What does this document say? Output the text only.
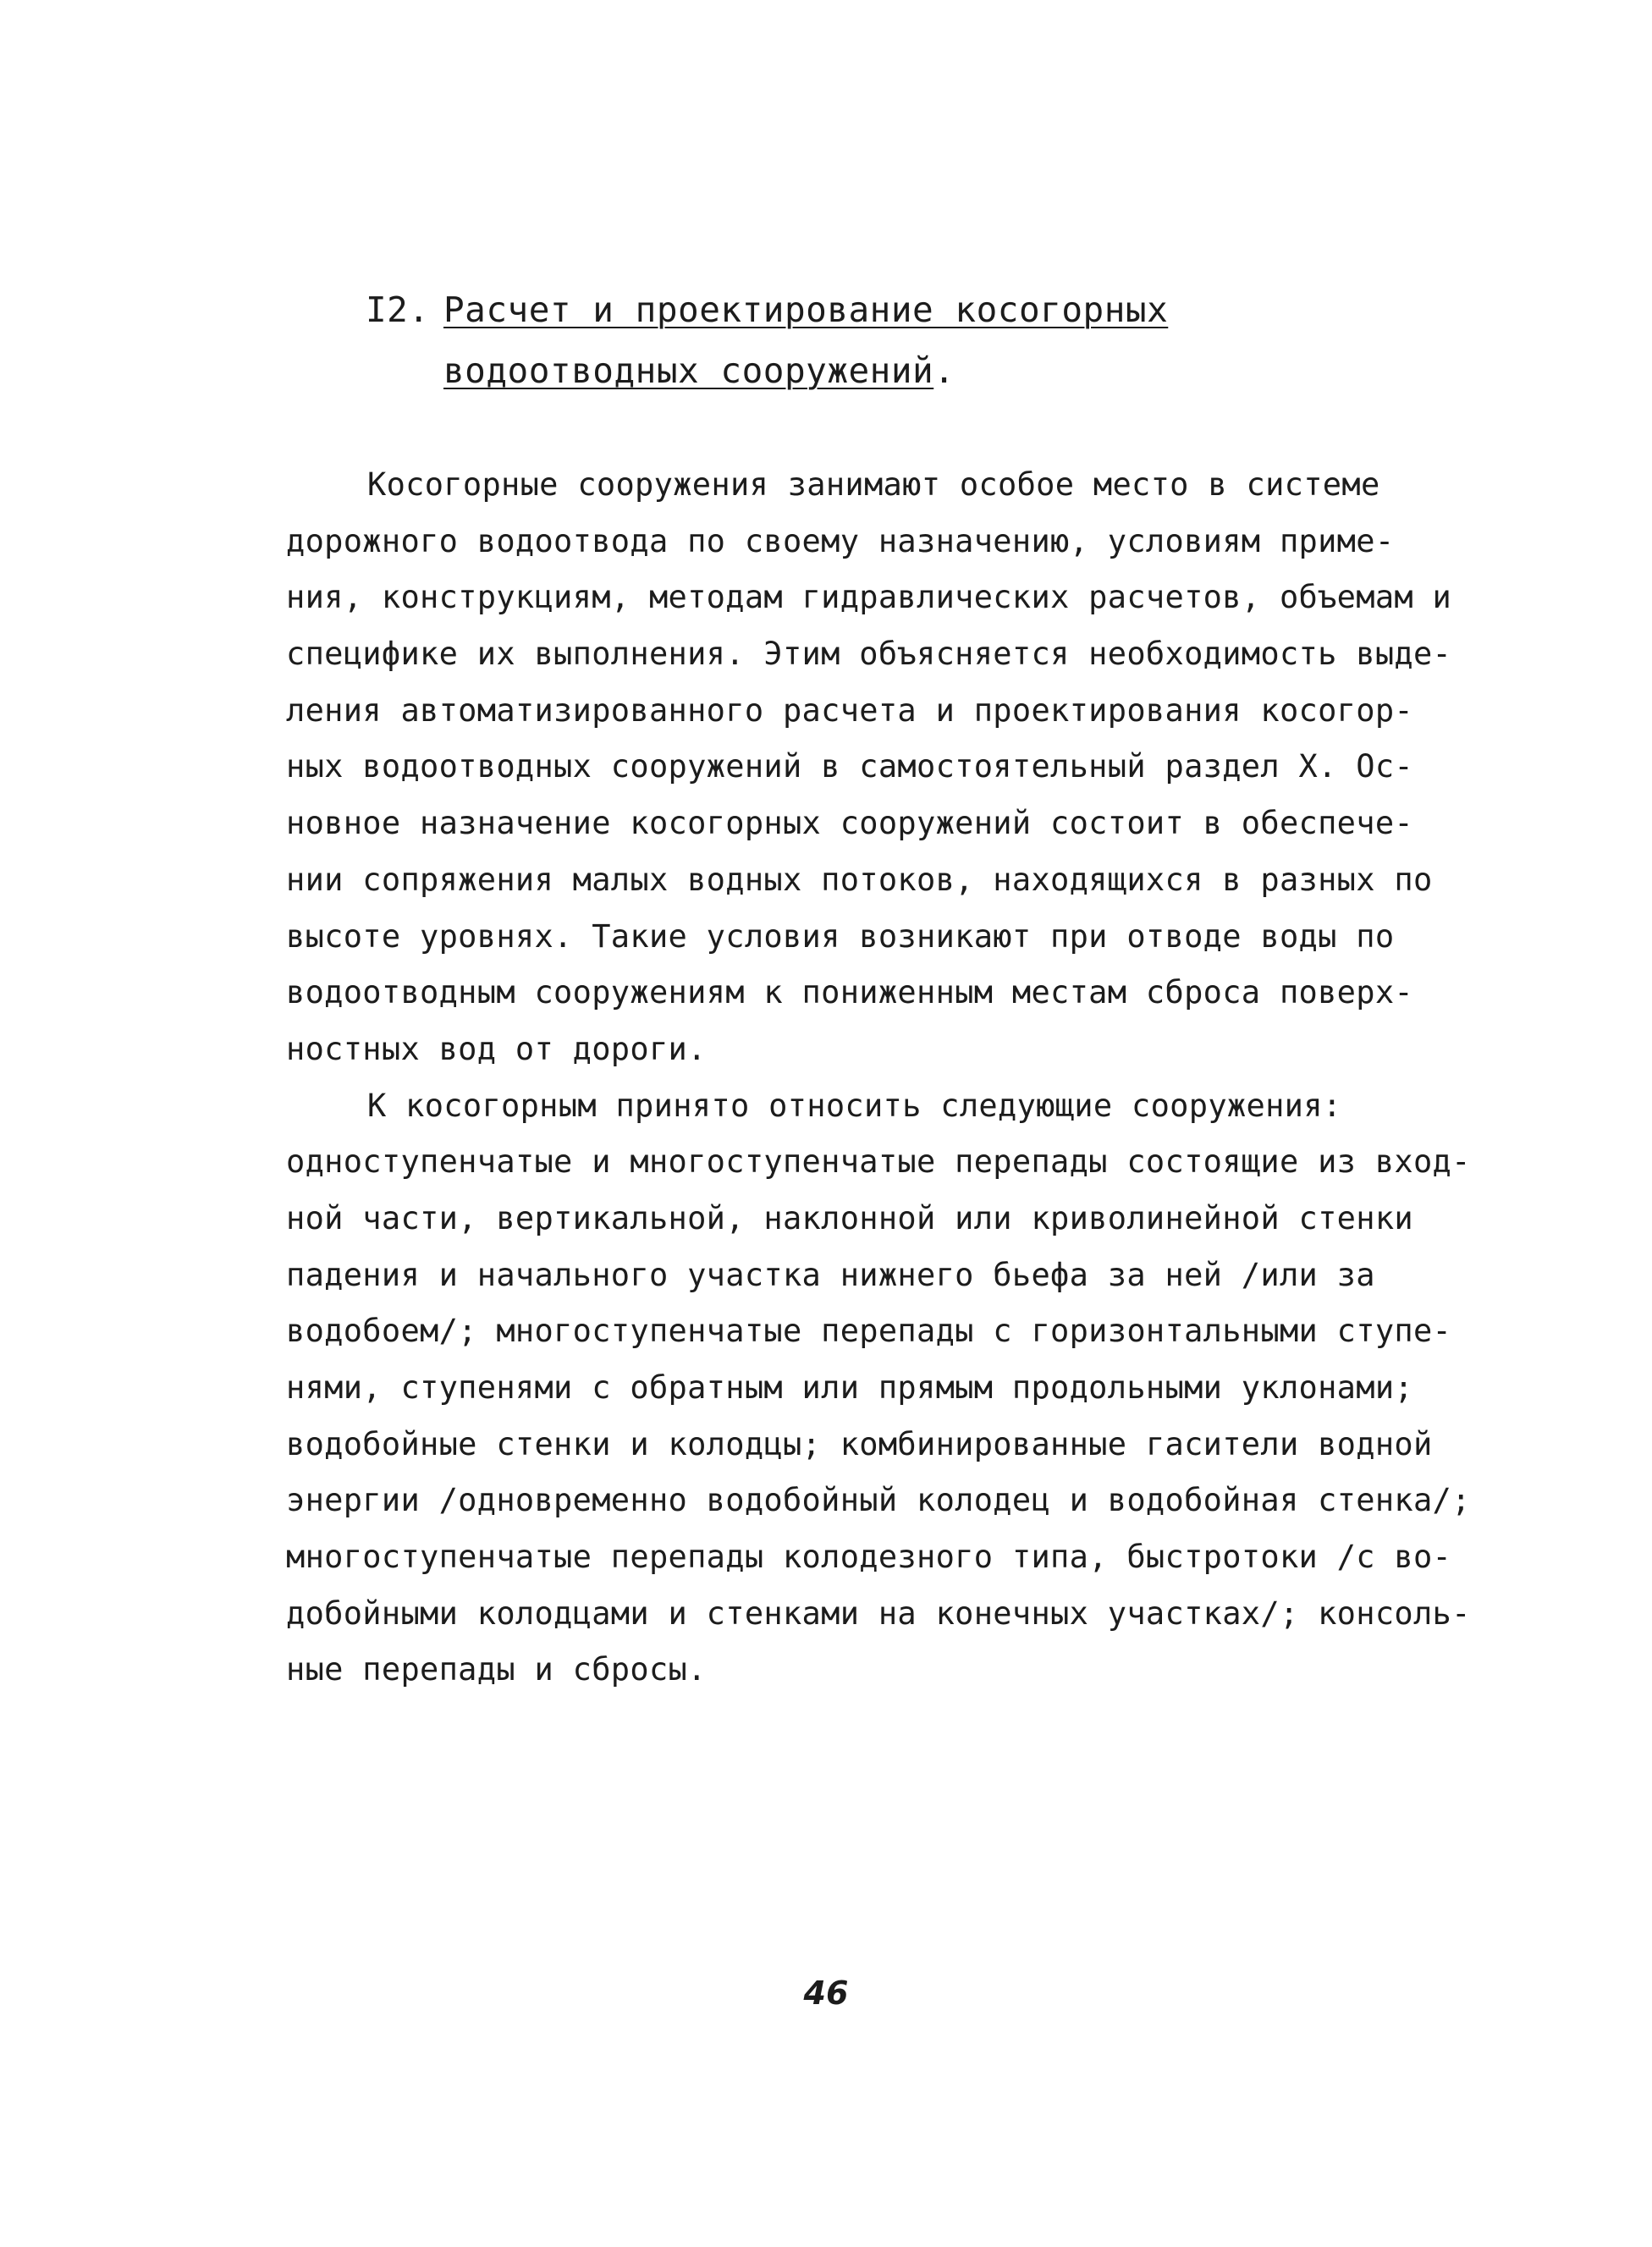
I2. Расчет и проектирование косогорных
водоотводных сооружений.
Косогорные сооружения занимают особое место в системе
дорожного водоотвода по своему назначению, условиям приме-
ния, конструкциям, методам гидравлических расчетов, объемам и
специфике их выполнения. Этим объясняется необходимость выде-
ления автоматизированного расчета и проектирования косогор-
ных водоотводных сооружений в самостоятельный раздел X. Ос-
новное назначение косогорных сооружений состоит в обеспече-
нии сопряжения малых водных потоков, находящихся в разных по
высоте уровнях. Такие условия возникают при отводе воды по
водоотводным сооружениям к пониженным местам сброса поверх-
ностных вод от дороги.
К косогорным принято относить следующие сооружения:
одноступенчатые и многоступенчатые перепады состоящие из вход-
ной части, вертикальной, наклонной или криволинейной стенки
падения и начального участка нижнего бьефа за ней /или за
водобоем/; многоступенчатые перепады с горизонтальными ступе-
нями, ступенями с обратным или прямым продольными уклонами;
водобойные стенки и колодцы; комбинированные гасители водной
энергии /одновременно водобойный колодец и водобойная стенка/;
многоступенчатые перепады колодезного типа, быстротоки /с во-
добойными колодцами и стенками на конечных участках/; консоль-
ные перепады и сбросы.
46
